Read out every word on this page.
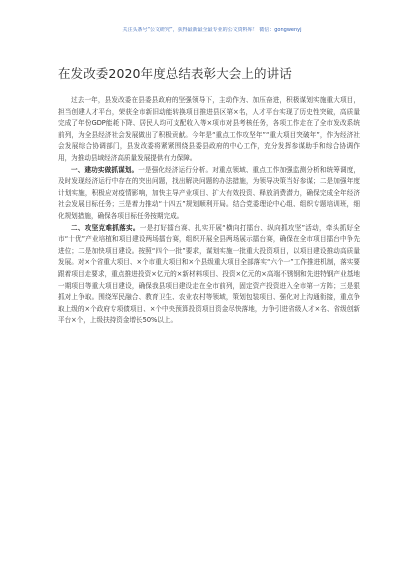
关注头条号“公文研究”，获得最新最全最专业的公文资料库！ 微信：gongwenyj
在发改委2020年度总结表彰大会上的讲话

过去一年，县发改委在县委县政府的坚强领导下，主动作为、加压奋进，积极谋划实施重大项目，担当创建人才平台，荣获全市新旧动能转换项目推进县区第×名，人才平台实现了历史性突破，高质量完成了年份GDP能耗下降、居民人均可支配收入等×项市对县考核任务，各项工作走在了全市发改系统前列，为全县经济社会发展做出了积极贡献。今年是“重点工作攻坚年”“重大项目突破年”，作为经济社会发展综合协调部门，县发改委将紧紧围绕县委县政府的中心工作，充分发挥参谋助手和综合协调作用，为推动县域经济高质量发展提供有力保障。

一、建功实做抓谋划。一是强化经济运行分析。对重点领域、重点工作加强监测分析和统筹调度，及时发现经济运行中存在的突出问题，找出解决问题的办法措施，为领导决策当好参谋；二是加强年度计划实施，积极应对疫情影响，加快主导产业项目、扩大有效投资、释放消费潜力，确保完成全年经济社会发展目标任务；三是着力推动“十四五”规划顺利开局。结合党委理论中心组、组织专题培训班，细化规划措施，确保各项目标任务按期完成。

二、攻坚克难抓落实。一是打好擂台赛、扎实开展“横向打擂台、纵向抓攻坚”活动，牵头抓好全市“十优”产业培植和项目建设两场擂台赛，组织开展全县两场展示擂台赛，确保在全市项目擂台中争先进位；二是加快项目建设。按照“四个一批”要求，谋划实施一批重大投资项目，以项目建设推动高质量发展。对×个省重大项目、×个市重大项目和×个县级重大项目全部落实“六个一”工作推进机制，落实要跟着项目走要求，重点推进投资×亿元的×新材料项目、投资×亿元的×高端不锈钢和先进特钢产业基地一期项目等重大项目建设，确保我县项目建设走在全市前列，固定资产投资进入全市第一方阵；三是狠抓对上争取。围绕军民融合、教育卫生、农业农村等领域，策划包装项目、强化对上沟通衔接，重点争取上级的×个政府专项债项目、×个中央预算投资项目资金尽快落地，力争引进省级人才×名、省级创新平台×个，上级扶持资金增长50%以上。
